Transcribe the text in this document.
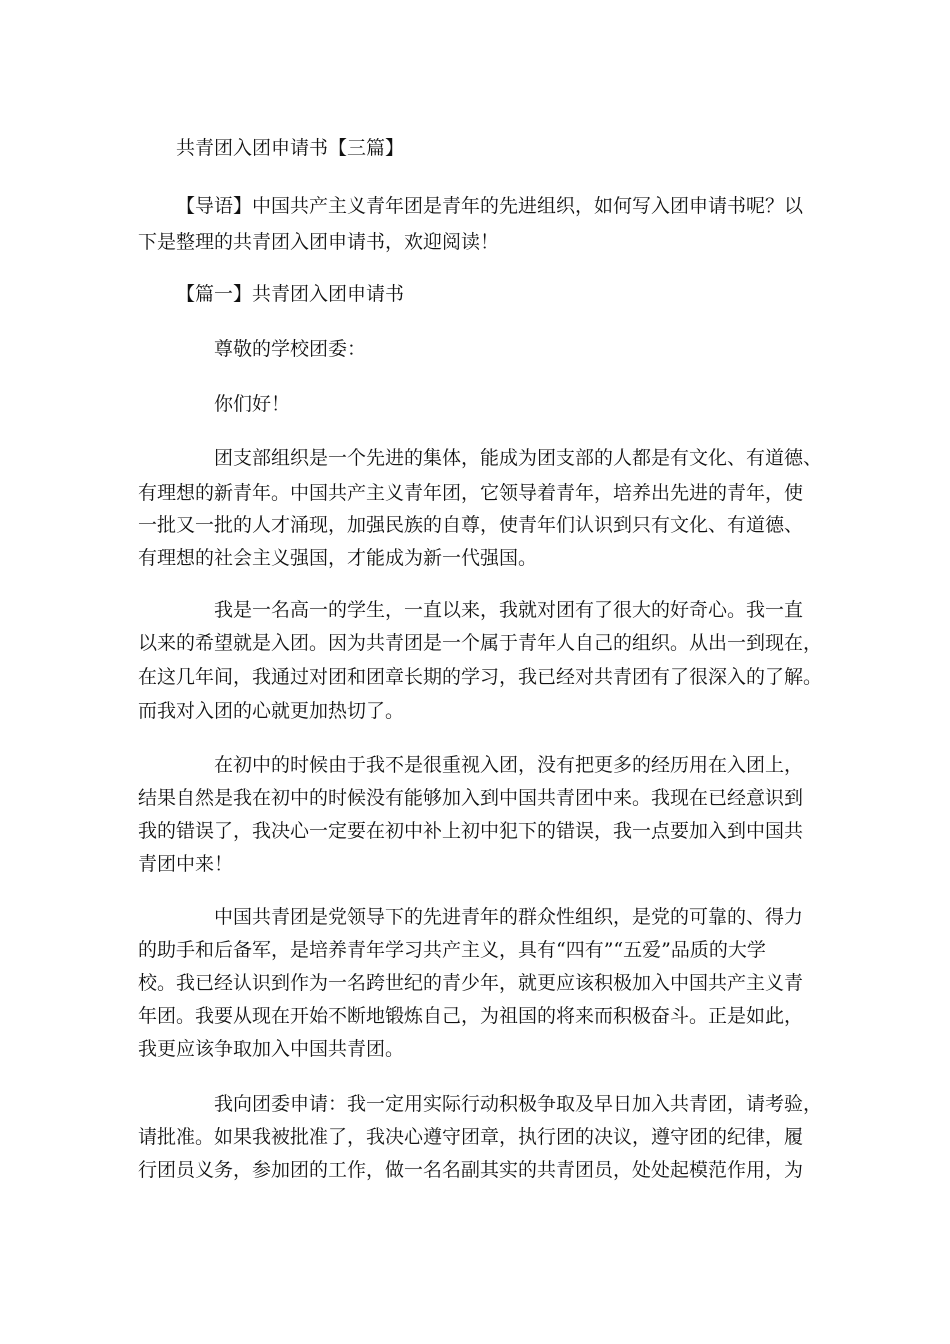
共青团入团申请书【三篇】
【导语】中国共产主义青年团是青年的先进组织，如何写入团申请书呢？以
下是整理的共青团入团申请书，欢迎阅读！
【篇一】共青团入团申请书
尊敬的学校团委：
你们好！
团支部组织是一个先进的集体，能成为团支部的人都是有文化、有道德、
有理想的新青年。中国共产主义青年团，它领导着青年，培养出先进的青年，使
一批又一批的人才涌现，加强民族的自尊，使青年们认识到只有文化、有道德、
有理想的社会主义强国，才能成为新一代强国。
我是一名高一的学生，一直以来，我就对团有了很大的好奇心。我一直
以来的希望就是入团。因为共青团是一个属于青年人自己的组织。从出一到现在，
在这几年间，我通过对团和团章长期的学习，我已经对共青团有了很深入的了解。
而我对入团的心就更加热切了。
在初中的时候由于我不是很重视入团，没有把更多的经历用在入团上，
结果自然是我在初中的时候没有能够加入到中国共青团中来。我现在已经意识到
我的错误了，我决心一定要在初中补上初中犯下的错误，我一点要加入到中国共
青团中来！
中国共青团是党领导下的先进青年的群众性组织，是党的可靠的、得力
的助手和后备军，是培养青年学习共产主义，具有“四有”“五爱”品质的大学
校。我已经认识到作为一名跨世纪的青少年，就更应该积极加入中国共产主义青
年团。我要从现在开始不断地锻炼自己，为祖国的将来而积极奋斗。正是如此，
我更应该争取加入中国共青团。
我向团委申请：我一定用实际行动积极争取及早日加入共青团，请考验，
请批准。如果我被批准了，我决心遵守团章，执行团的决议，遵守团的纪律，履
行团员义务，参加团的工作，做一名名副其实的共青团员，处处起模范作用，为
